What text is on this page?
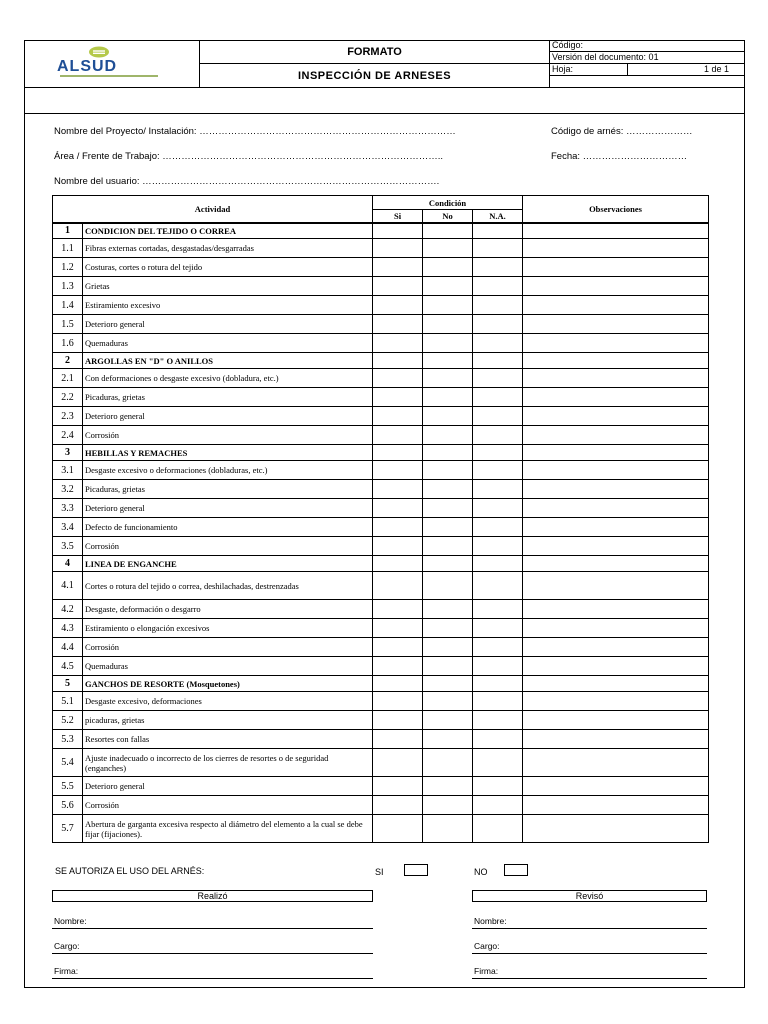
ALSUD
FORMATO
INSPECCIÓN DE ARNESES
Código:
Versión del documento: 01
Hoja:	1 de 1
Nombre del Proyecto/ Instalación: ………………………………………………………………………	Código de arnés: …………………
Área / Frente de Trabajo: ……………………………………………………………………………..	Fecha: ……………………………
Nombre del usuario: ………………………………………………………………………………….
Actividad		Condición			Observaciones
		Si	No	N.A.	
1	CONDICION DEL TEJIDO O CORREA				
1.1	Fibras externas cortadas, desgastadas/desgarradas				
1.2	Costuras, cortes o rotura del tejido				
1.3	Grietas				
1.4	Estiramiento excesivo				
1.5	Deterioro general				
1.6	Quemaduras				
2	ARGOLLAS EN "D" O ANILLOS				
2.1	Con deformaciones o desgaste excesivo (dobladura, etc.)				
2.2	Picaduras, grietas				
2.3	Deterioro general				
2.4	Corrosión				
3	HEBILLAS Y REMACHES				
3.1	Desgaste excesivo o deformaciones (dobladuras, etc.)				
3.2	Picaduras, grietas				
3.3	Deterioro general				
3.4	Defecto de funcionamiento				
3.5	Corrosión				
4	LINEA DE ENGANCHE				
4.1	Cortes o rotura del tejido o correa, deshilachadas, destrenzadas				
4.2	Desgaste, deformación o desgarro				
4.3	Estiramiento o elongación excesivos				
4.4	Corrosión				
4.5	Quemaduras				
5	GANCHOS DE RESORTE (Mosquetones)				
5.1	Desgaste excesivo, deformaciones				
5.2	picaduras, grietas				
5.3	Resortes con fallas				
5.4	Ajuste inadecuado o incorrecto de los cierres de resortes o de seguridad (enganches)				
5.5	Deterioro general				
5.6	Corrosión				
5.7	Abertura de garganta excesiva respecto al diámetro del elemento a la cual se debe fijar (fijaciones).				
SE AUTORIZA EL USO DEL ARNÉS:	SI	NO
Realizó	Revisó
Nombre:
Cargo:
Firma:
Nombre:
Cargo:
Firma:
